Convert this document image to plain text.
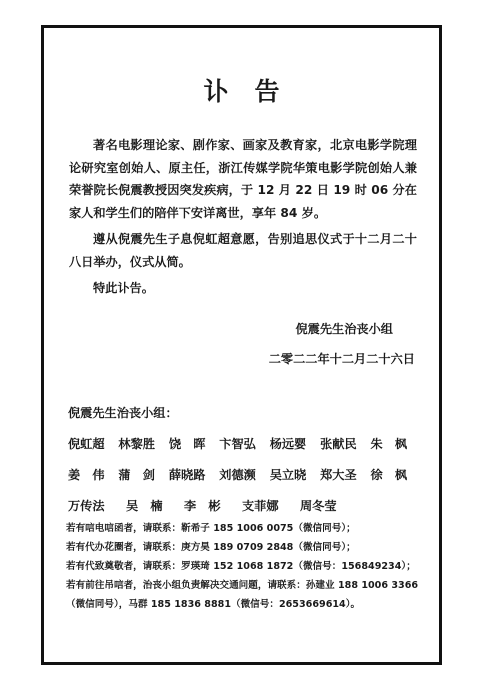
讣告

著名电影理论家、剧作家、画家及教育家，北京电影学院理论研究室创始人、原主任，浙江传媒学院华策电影学院创始人兼荣誉院长倪震教授因突发疾病，于 12 月 22 日 19 时 06 分在家人和学生们的陪伴下安详离世，享年 84 岁。

遵从倪震先生子息倪虹超意愿，告别追思仪式于十二月二十八日举办，仪式从简。

特此讣告。

倪震先生治丧小组
二零二二年十二月二十六日
倪震先生治丧小组：
倪虹超	林黎胜	饶　晖	卞智弘	杨远婴	张献民	朱　枫
姜　伟	蒲　剑	薛晓路	刘德濒	吴立晓	郑大圣	徐　枫
万传法	吴　楠	李　彬	支菲娜	周冬莹
若有唁电唁函者，请联系：靳希子 185 1006 0075（微信同号）；
若有代办花圈者，请联系：庚方昊 189 0709 2848（微信同号）；
若有代致奠敬者，请联系：罗瑛琦 152 1068 1872（微信号：156849234）；
若有前往吊唁者，治丧小组负责解决交通问题，请联系：孙建业 188 1006 3366
（微信同号），马群 185 1836 8881（微信号：2653669614）。
